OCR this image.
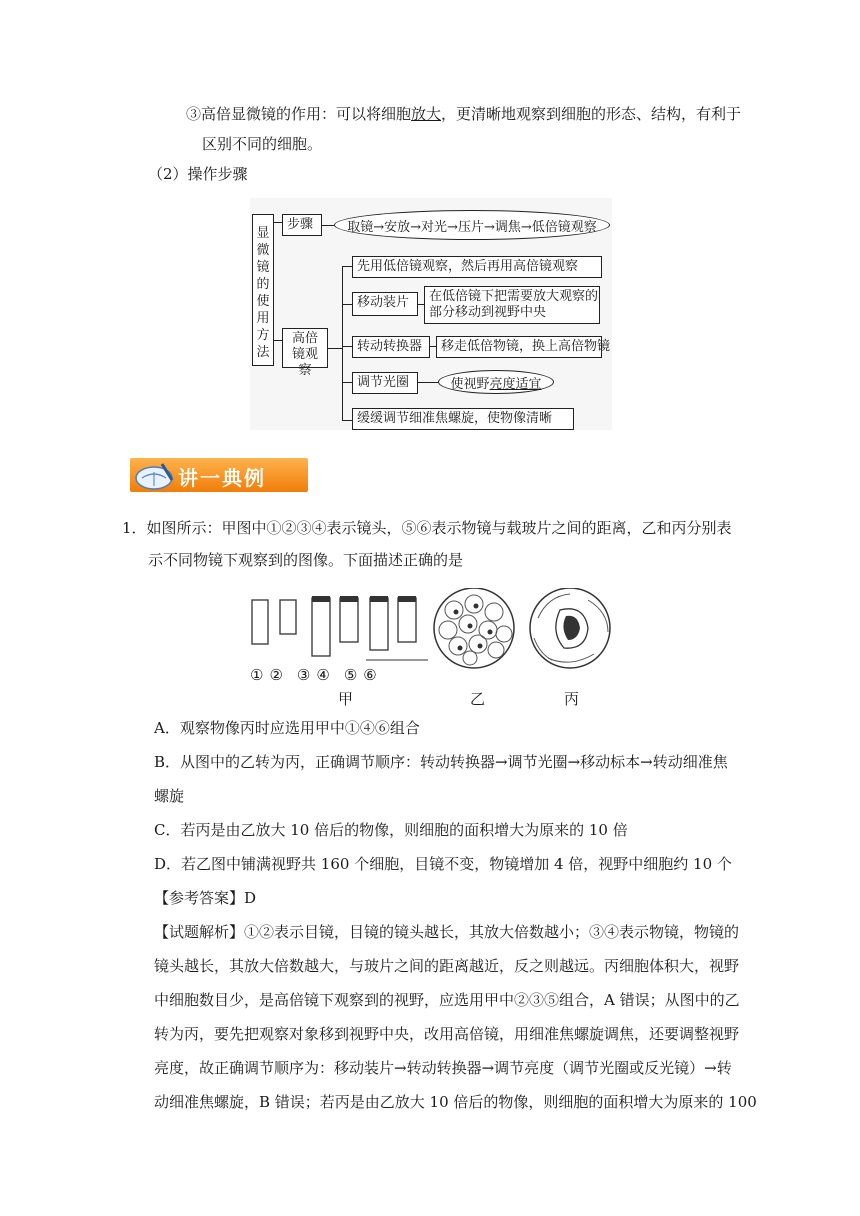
③高倍显微镜的作用：可以将细胞放大，更清晰地观察到细胞的形态、结构，有利于
区别不同的细胞。
（2）操作步骤
显微镜的使用方法
步骤	取镜→安放→对光→压片→调焦→低倍镜观察
高倍镜观察
先用低倍镜观察，然后再用高倍镜观察
移动装片	在低倍镜下把需要放大观察的
部分移动到视野中央
转动转换器	移走低倍物镜，换上高倍物镜
调节光圈	使视野 亮度适宜
缓缓调节细准焦螺旋，使物像清晰
讲一典例
1．如图所示：甲图中①②③④表示镜头，⑤⑥表示物镜与载玻片之间的距离，乙和丙分别表
示不同物镜下观察到的图像。下面描述正确的是
①② ③④ ⑤⑥
甲	乙	丙
A．观察物像丙时应选用甲中①④⑥组合
B．从图中的乙转为丙，正确调节顺序：转动转换器→调节光圈→移动标本→转动细准焦
螺旋
C．若丙是由乙放大 10 倍后的物像，则细胞的面积增大为原来的 10 倍
D．若乙图中铺满视野共 160 个细胞，目镜不变，物镜增加 4 倍，视野中细胞约 10 个
【参考答案】D
【试题解析】①②表示目镜，目镜的镜头越长，其放大倍数越小；③④表示物镜，物镜的
镜头越长，其放大倍数越大，与玻片之间的距离越近，反之则越远。丙细胞体积大，视野
中细胞数目少，是高倍镜下观察到的视野，应选用甲中②③⑤组合，A 错误；从图中的乙
转为丙，要先把观察对象移到视野中央，改用高倍镜，用细准焦螺旋调焦，还要调整视野
亮度，故正确调节顺序为：移动装片→转动转换器→调节亮度（调节光圈或反光镜）→转
动细准焦螺旋，B 错误；若丙是由乙放大 10 倍后的物像，则细胞的面积增大为原来的 100
